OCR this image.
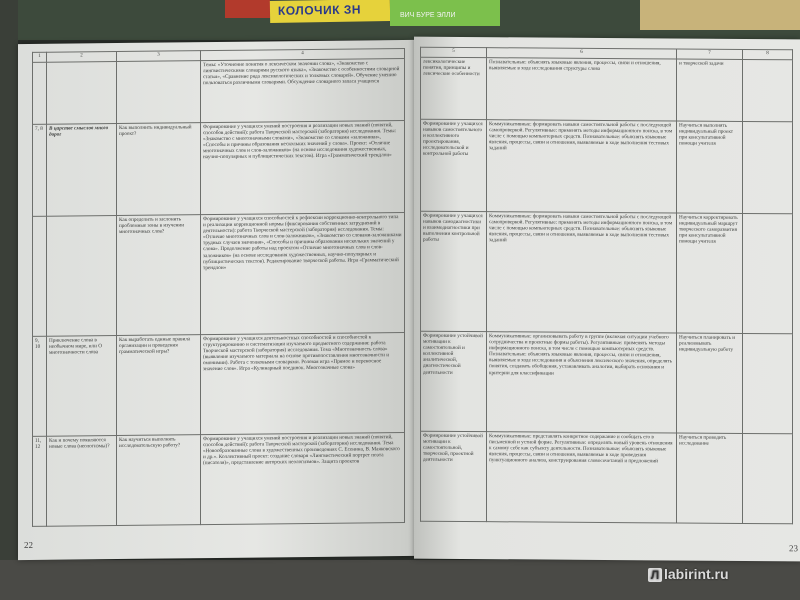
КОЛОЧИК ЗН	ВИЧ БУРЕ ЭЛЛИ
1	2	3	4
			Темы: «Уточнение понятия о лексическом значении слова», «Знакомство с лингвистическими словарями русского языка», «Знакомство с особенностями словарной статьи», «Сравнение ряда лексикологических и толковых словарей». Обучение умению пользоваться различными словарями. Обсуждение словарного запаса учащихся
7, 8	В царстве смыслов много дорог	Как выполнить индивидуальный проект?	Формирование у учащихся умений построения и реализации новых знаний (понятий, способов действий): работа Творческой мастерской (заборатория) исследования. Темы: «Знакомство с многозначными словами», «Знакомство со словами «заложники», «Способы и причины образования нескольких значений у слова». Проект: «Отличие многозначных слов и слов-заложников» (на основе исследования художественных, научно-популярных и публицистических текстов). Игра «Грамматический трендлон»
		Как определить и заслонить проблемные зоны в изучении многозначных слов?	Формирование у учащихся способностей к рефлексии коррекционно-контрольного типа и реализации коррекционной нормы (фиксирования собственных затруднений в деятельности): работа Творческой мастерской (заборатория) исследования. Темы: «Отличие многозначных слов и слов-заложников», «Знакомство со словами-заложниками трудных случаев значения», «Способы и причины образования нескольких значений у слова». Продолжение работы над проектом «Отличие многозначных слов и слов-заложников» (на основе исследования художественных, научно-популярных и публицистических текстов). Редактирование творческой работы. Игра «Грамматический трендлон»
9, 10	Приключение слова в необычном мире, или О многозначности слова	Как выработать единые правила организации и проведения грамматической игры?	Формирование у учащихся деятельностных способностей и способностей к структурированию и систематизации изучаемого предметного содержания: работа Творческой мастерской (заборатория) исследования. Тема «Многозначность слова» (выявление изучаемого материала на основе противопоставления многозначности и омонимии). Работа с толковыми словарями. Ролевая игра «Прямое и переносное значение слов». Игра «Кулинарный поединок. Многозначные слова»
11, 12	Как и почему появляются новые слова (неологизмы)?	Как научиться выполнять исследовательскую работу?	Формирование у учащихся умений построения и реализации новых знаний (понятий, способов действий): работа Творческой мастерской (заборатория) исследования. Тема «Новообразованные слова в художественных произведениях С. Есенина, В. Маяковского и др.». Коллективный проект: создание словаря «Лингвистический портрет поэта (писателя)», представление авторских неологизмов». Защита проектов
22
5	6	7	8
лексикологические понятия, принципы и лексические особенности	Познавательные: объяснять языковые явления, процессы, связи и отношения, выявляемые в ходе исследования структуры слова	и творческой задачи	
Формирование у учащихся навыков самостоятельного и коллективного проектирования, исследовательской и контрольной работы	Коммуникативные: формировать навыки самостоятельной работы с последующей самопроверкой. Регулятивные: применять методы информационного поиска, в том числе с помощью компьютерных средств. Познавательные: объяснять языковые явления, процессы, связи и отношения, выявляемые в ходе выполнения тестовых заданий	Научиться выполнять индивидуальный проект при консультативной помощи учителя	
Формирование у учащихся навыков самодиагностики и взаимодиагностики при выполнении контрольной работы	Коммуникативные: формировать навыки самостоятельной работы с последующей самопроверкой. Регулятивные: применять методы информационного поиска, в том числе с помощью компьютерных средств. Познавательные: объяснять языковые явления, процессы, связи и отношения, выявляемые в ходе выполнения тестовых заданий	Научиться корректировать индивидуальный маршрут творческого саморазвития при консультативной помощи учителя	
Формирование устойчивой мотивации к самостоятельной и коллективной аналитической, диагностической деятельности	Коммуникативные: организовывать работу в группе (включая ситуации учебного сотрудничества и проектные формы работы). Регулятивные: применять методы информационного поиска, в том числе с помощью компьютерных средств. Познавательные: объяснять языковые явления, процессы, связи и отношения, выявляемые в ходе исследования и объяснения лексического значения, определять понятия, создавать обобщения, устанавливать аналогии, выбирать основания и критерии для классификации	Научиться планировать и реализовывать индивидуальную работу	
Формирование устойчивой мотивации к самостоятельной, творческой, проектной деятельности	Коммуникативные: представлять конкретное содержание и сообщать его в письменной и устной форме. Регулятивные: определять новый уровень отношения к самому себе как субъекту деятельности. Познавательные: объяснять языковые явления, процессы, связи и отношения, выявляемые в ходе проведения пунктуационного анализа, конструирования словосочетаний и предложений	Научиться проводить исследование	
23
Л labirint.ru
